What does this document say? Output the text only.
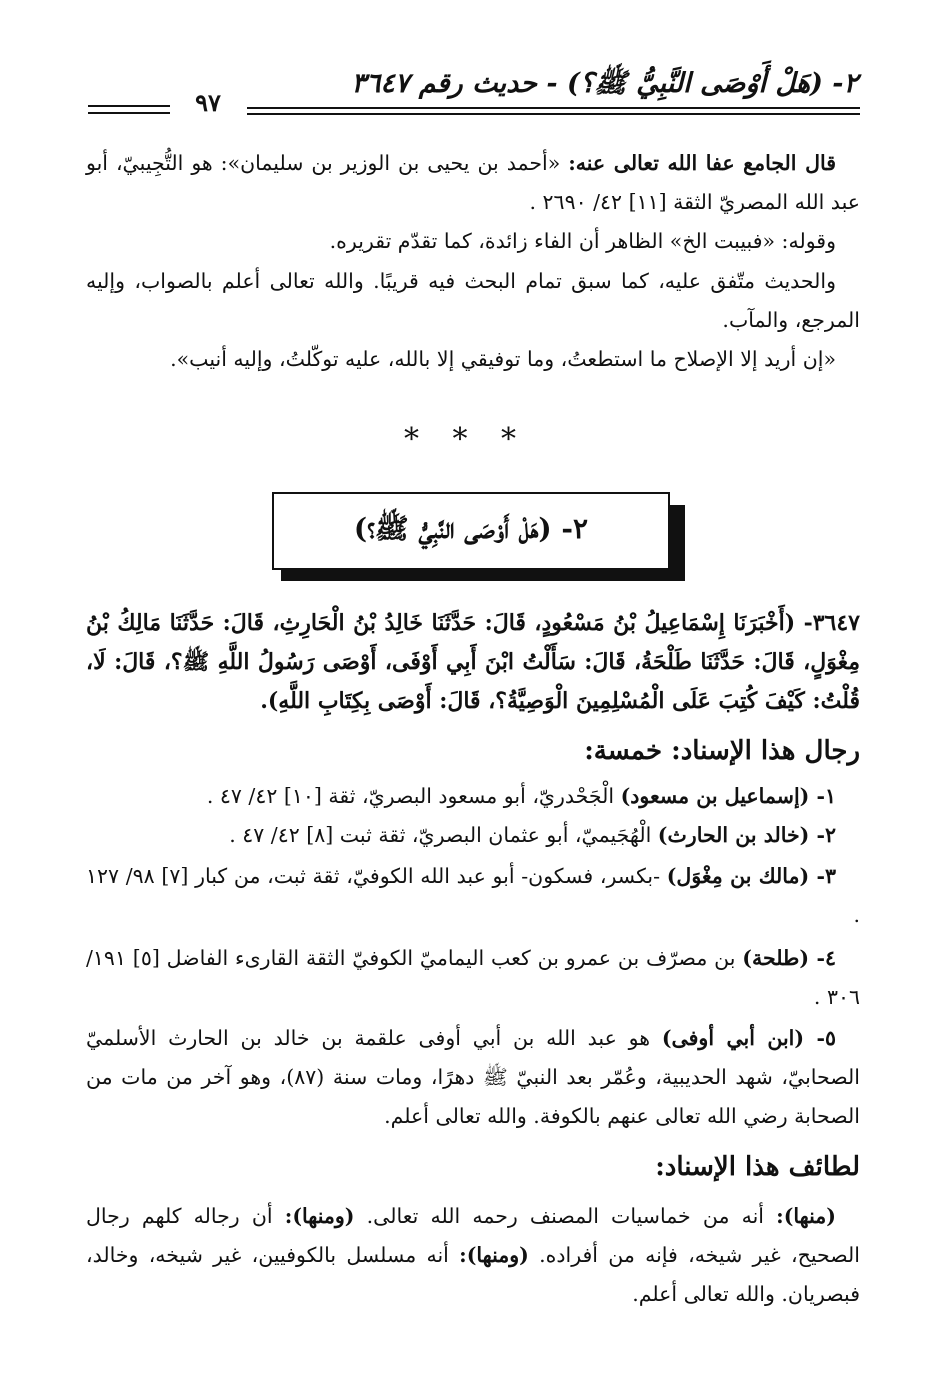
٢- (هَلْ أَوْصَى النَّبِيُّ ﷺ؟) - حديث رقم ٣٦٤٧
٩٧
قال الجامع عفا الله تعالى عنه: «أحمد بن يحيى بن الوزير بن سليمان»: هو التُّجِيبيّ، أبو عبد الله المصريّ الثقة [١١] ٤٢/ ٢٦٩٠ .
وقوله: «فبيبت الخ» الظاهر أن الفاء زائدة، كما تقدّم تقريره.
والحديث متّفق عليه، كما سبق تمام البحث فيه قريبًا. والله تعالى أعلم بالصواب، وإليه المرجع، والمآب.
«إن أريد إلا الإصلاح ما استطعتُ، وما توفيقي إلا بالله، عليه توكّلتُ، وإليه أنيب».
* * *
٢- (هَلْ أَوْصَى النَّبِيُّ ﷺ؟)
٣٦٤٧- (أَخْبَرَنَا إِسْمَاعِيلُ بْنُ مَسْعُودٍ، قَالَ: حَدَّثَنَا خَالِدُ بْنُ الْحَارِثِ، قَالَ: حَدَّثَنَا مَالِكُ بْنُ مِغْوَلٍ، قَالَ: حَدَّثَنَا طَلْحَةُ، قَالَ: سَأَلْتُ ابْنَ أَبِي أَوْفَى، أَوْصَى رَسُولُ اللَّهِ ﷺ؟، قَالَ: لَا، قُلْتُ: كَيْفَ كُتِبَ عَلَى الْمُسْلِمِينَ الْوَصِيَّةُ؟، قَالَ: أَوْصَى بِكِتَابِ اللَّهِ).
رجال هذا الإسناد: خمسة:
١- (إسماعيل بن مسعود) الْجَحْدريّ، أبو مسعود البصريّ، ثقة [١٠] ٤٢/ ٤٧ .
٢- (خالد بن الحارث) الْهُجَيميّ، أبو عثمان البصريّ، ثقة ثبت [٨] ٤٢/ ٤٧ .
٣- (مالك بن مِغْوَل) -بكسر، فسكون- أبو عبد الله الكوفيّ، ثقة ثبت، من كبار [٧] ٩٨/ ١٢٧ .
٤- (طلحة) بن مصرّف بن عمرو بن كعب اليماميّ الكوفيّ الثقة القارىء الفاضل [٥] ١٩١/ ٣٠٦ .
٥- (ابن أبي أوفى) هو عبد الله بن أبي أوفى علقمة بن خالد بن الحارث الأسلميّ الصحابيّ، شهد الحديبية، وعُمّر بعد النبيّ ﷺ دهرًا، ومات سنة (٨٧)، وهو آخر من مات من الصحابة رضي الله تعالى عنهم بالكوفة. والله تعالى أعلم.
لطائف هذا الإسناد:
(منها): أنه من خماسيات المصنف رحمه الله تعالى. (ومنها): أن رجاله كلهم رجال الصحيح، غير شيخه، فإنه من أفراده. (ومنها): أنه مسلسل بالكوفيين، غير شيخه، وخالد، فبصريان. والله تعالى أعلم.
